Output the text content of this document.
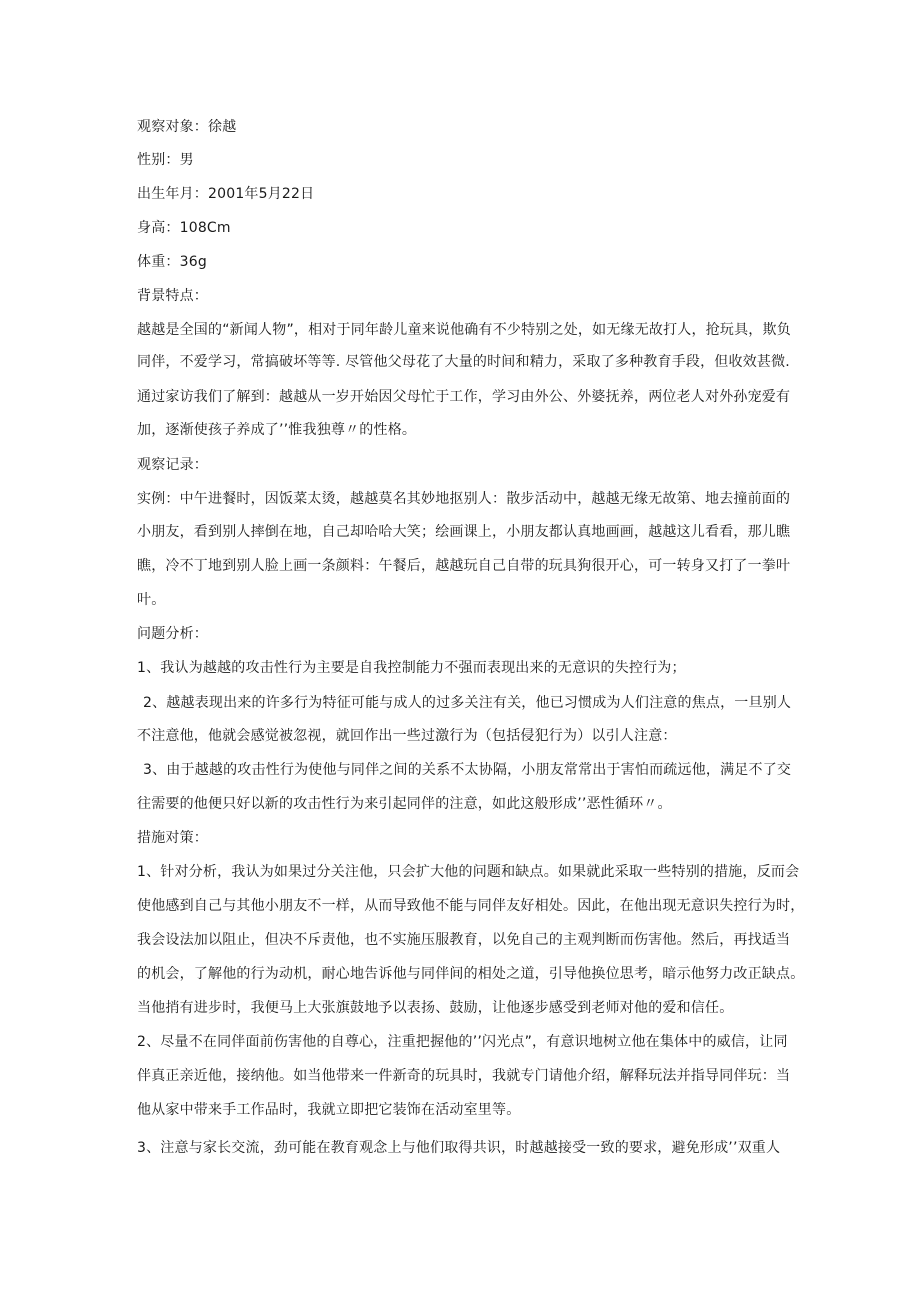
观察对象：徐越
性别：男
出生年月：2001年5月22日
身高：108Cm
体重：36g
背景特点：
越越是全国的“新闻人物”，相对于同年龄儿童来说他确有不少特别之处，如无缘无故打人，抢玩具，欺负
同伴，不爱学习，常搞破坏等等. 尽管他父母花了大量的时间和精力，采取了多种教育手段，但收效甚微.
通过家访我们了解到：越越从一岁开始因父母忙于工作，学习由外公、外婆抚养，两位老人对外孙宠爱有
加，逐渐使孩子养成了’’惟我独尊〃的性格。
观察记录：
实例：中午进餐时，因饭菜太烫，越越莫名其妙地抠别人：散步活动中，越越无缘无故第、地去撞前面的
小朋友，看到别人摔倒在地，自己却哈哈大笑；绘画课上，小朋友都认真地画画，越越这儿看看，那儿瞧
瞧，冷不丁地到别人脸上画一条颜料：午餐后，越越玩自己自带的玩具狗很开心，可一转身又打了一拳叶
叶。
问题分析：
1、我认为越越的攻击性行为主要是自我控制能力不强而表现出来的无意识的失控行为；
2、越越表现出来的许多行为特征可能与成人的过多关注有关，他已习惯成为人们注意的焦点，一旦别人
不注意他，他就会感觉被忽视，就回作出一些过激行为（包括侵犯行为）以引人注意：
3、由于越越的攻击性行为使他与同伴之间的关系不太协隔，小朋友常常出于害怕而疏远他，满足不了交
往需要的他便只好以新的攻击性行为来引起同伴的注意，如此这般形成’’恶性循环〃。
措施对策：
1、针对分析，我认为如果过分关注他，只会扩大他的问题和缺点。如果就此采取一些特别的措施，反而会
使他感到自己与其他小朋友不一样，从而导致他不能与同伴友好相处。因此，在他出现无意识失控行为时，
我会设法加以阻止，但决不斥责他，也不实施压服教育，以免自己的主观判断而伤害他。然后，再找适当
的机会，了解他的行为动机，耐心地告诉他与同伴间的相处之道，引导他换位思考，暗示他努力改正缺点。
当他捎有进步时，我便马上大张旗鼓地予以表扬、鼓励，让他逐步感受到老师对他的爱和信任。
2、尽量不在同伴面前伤害他的自尊心，注重把握他的’’闪光点”，有意识地树立他在集体中的威信，让同
伴真正亲近他，接纳他。如当他带来一件新奇的玩具时，我就专门请他介绍，解释玩法并指导同伴玩：当
他从家中带来手工作品时，我就立即把它装饰在活动室里等。
3、注意与家长交流，劲可能在教育观念上与他们取得共识，时越越接受一致的要求，避免形成’’双重人
